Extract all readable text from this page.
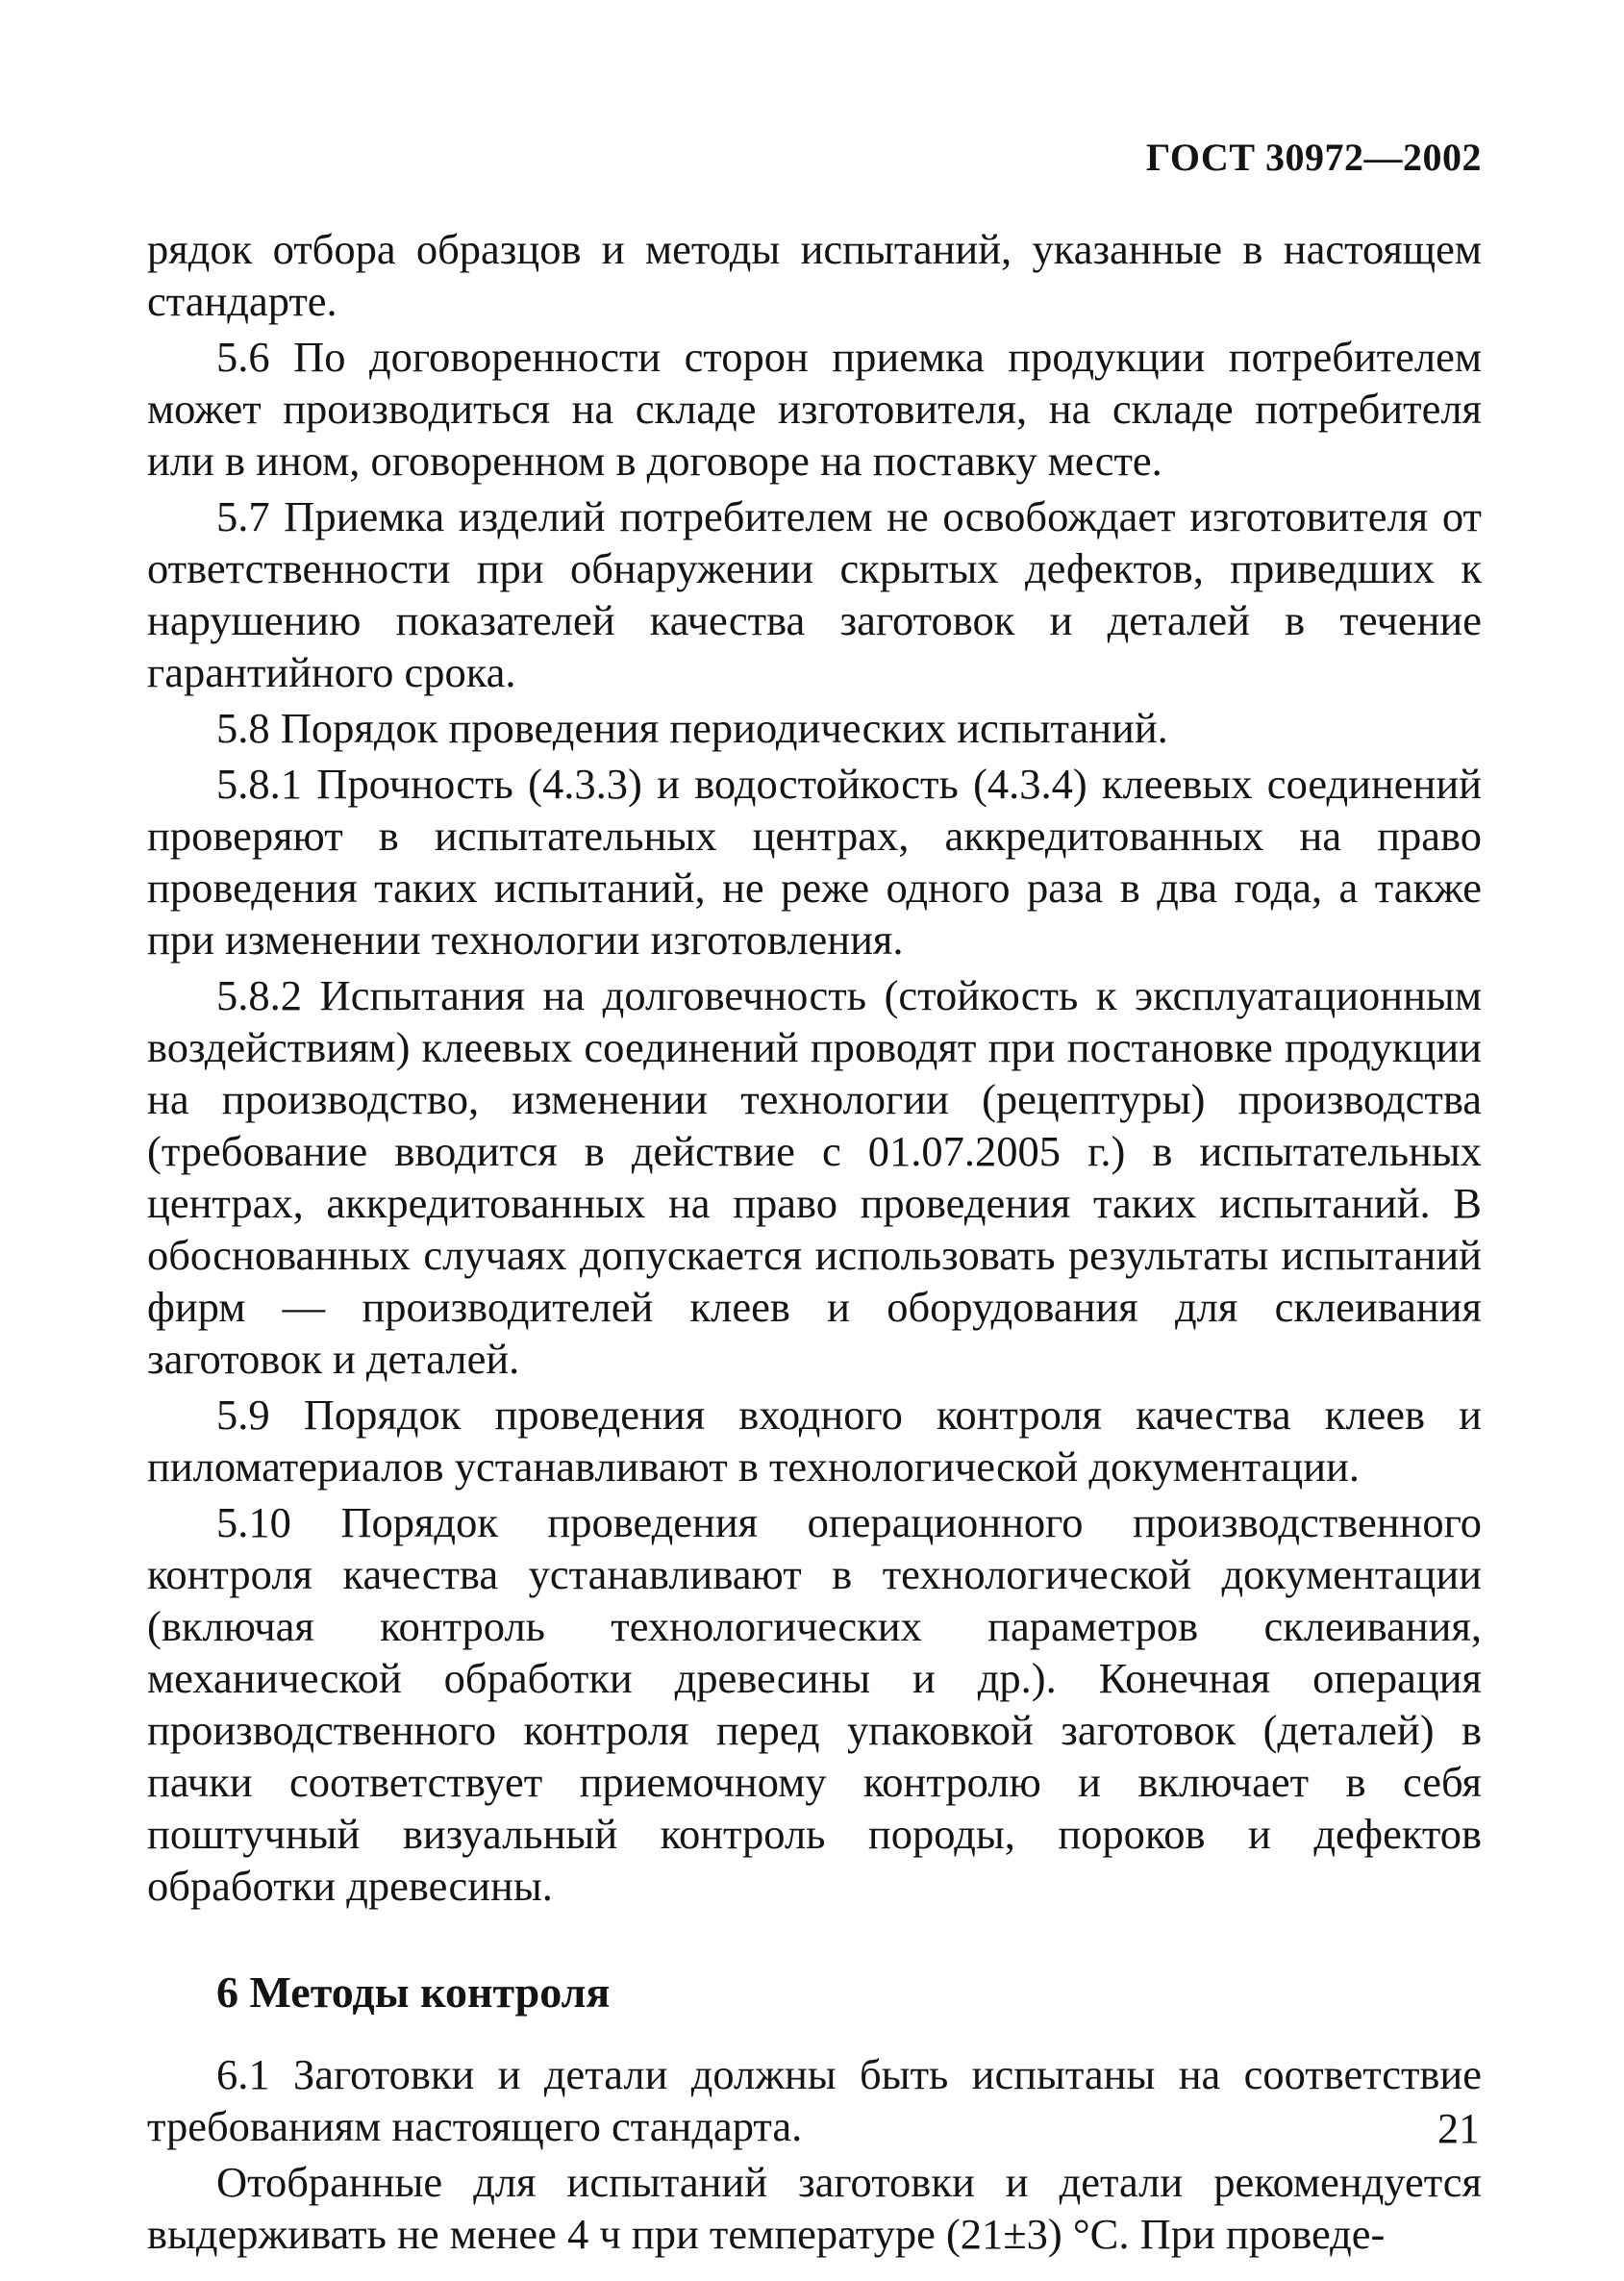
ГОСТ 30972—2002

рядок отбора образцов и методы испытаний, указанные в настоящем стандарте.

5.6 По договоренности сторон приемка продукции потребителем может производиться на складе изготовителя, на складе потребителя или в ином, оговоренном в договоре на поставку месте.

5.7 Приемка изделий потребителем не освобождает изготовителя от ответственности при обнаружении скрытых дефектов, приведших к нарушению показателей качества заготовок и деталей в течение гарантийного срока.

5.8 Порядок проведения периодических испытаний.

5.8.1 Прочность (4.3.3) и водостойкость (4.3.4) клеевых соединений проверяют в испытательных центрах, аккредитованных на право проведения таких испытаний, не реже одного раза в два года, а также при изменении технологии изготовления.

5.8.2 Испытания на долговечность (стойкость к эксплуатационным воздействиям) клеевых соединений проводят при постановке продукции на производство, изменении технологии (рецептуры) производства (требование вводится в действие с 01.07.2005 г.) в испытательных центрах, аккредитованных на право проведения таких испытаний. В обоснованных случаях допускается использовать результаты испытаний фирм — производителей клеев и оборудования для склеивания заготовок и деталей.

5.9 Порядок проведения входного контроля качества клеев и пиломатериалов устанавливают в технологической документации.

5.10 Порядок проведения операционного производственного контроля качества устанавливают в технологической документации (включая контроль технологических параметров склеивания, механической обработки древесины и др.). Конечная операция производственного контроля перед упаковкой заготовок (деталей) в пачки соответствует приемочному контролю и включает в себя поштучный визуальный контроль породы, пороков и дефектов обработки древесины.

6 Методы контроля

6.1 Заготовки и детали должны быть испытаны на соответствие требованиям настоящего стандарта.

Отобранные для испытаний заготовки и детали рекомендуется выдерживать не менее 4 ч при температуре (21±3) °С. При проведе-

21
